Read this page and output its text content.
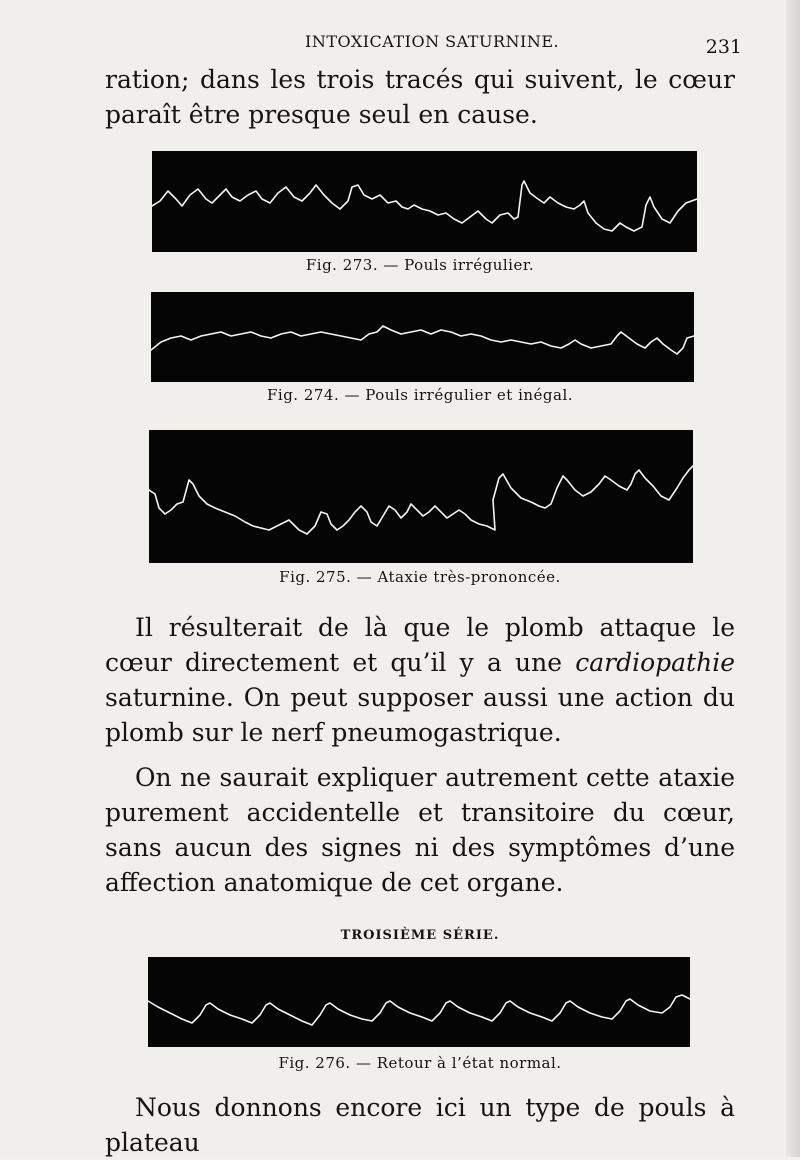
INTOXICATION SATURNINE.	231

ration; dans les trois tracés qui suivent, le cœur paraît être presque seul en cause.

Fig. 273. — Pouls irrégulier.
Fig. 274. — Pouls irrégulier et inégal.
Fig. 275. — Ataxie très-prononcée.

Il résulterait de là que le plomb attaque le cœur directement et qu’il y a une cardiopathie saturnine. On peut supposer aussi une action du plomb sur le nerf pneumogastrique.

On ne saurait expliquer autrement cette ataxie purement accidentelle et transitoire du cœur, sans aucun des signes ni des symptômes d’une affection anatomique de cet organe.

TROISIÈME SÉRIE.
Fig. 276. — Retour à l’état normal.

Nous donnons encore ici un type de pouls à plateau
